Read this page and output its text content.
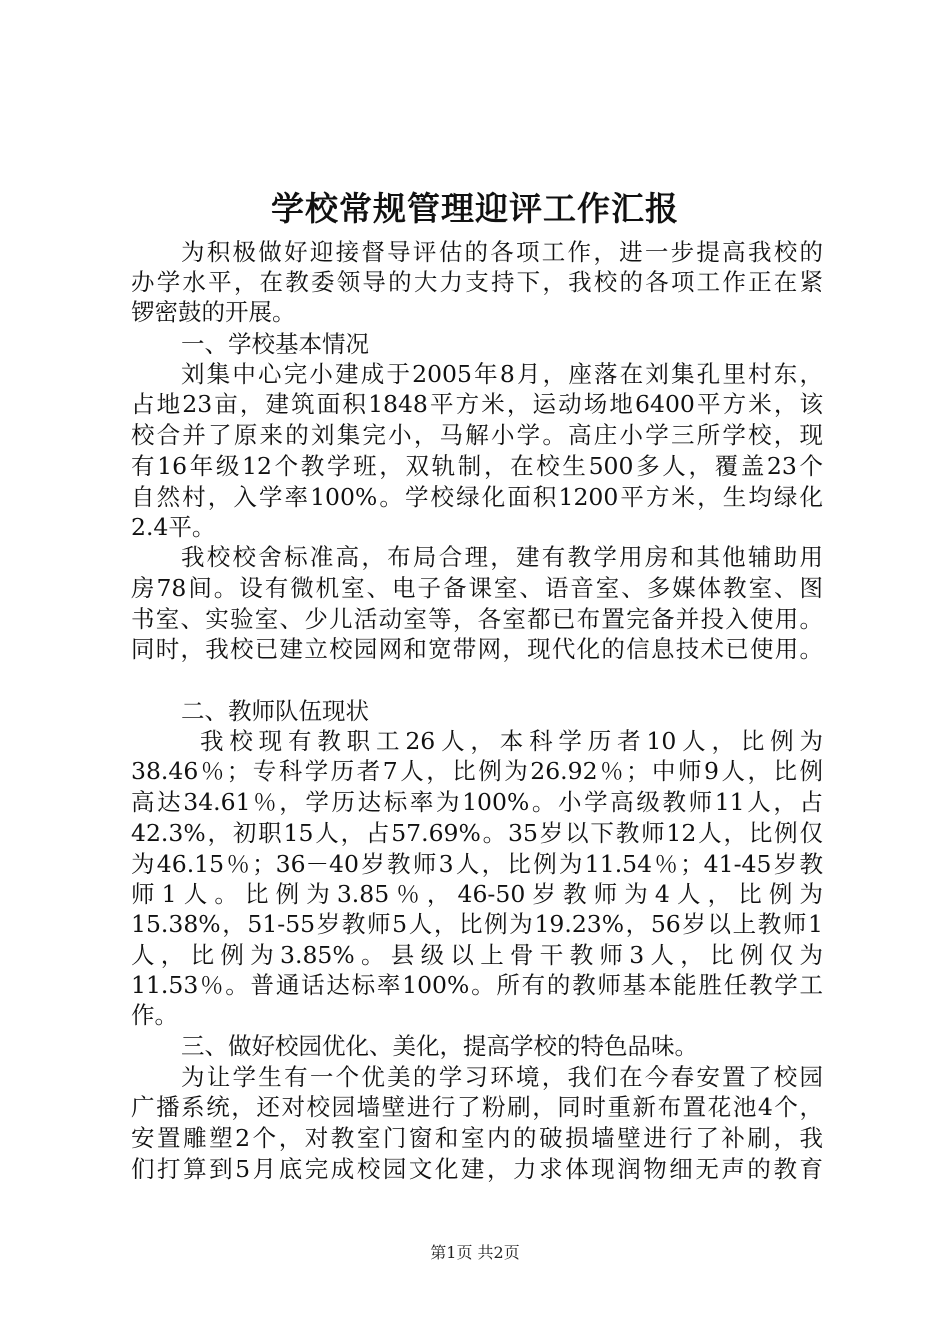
学校常规管理迎评工作汇报
为积极做好迎接督导评估的各项工作，进一步提高我校的
办学水平，在教委领导的大力支持下，我校的各项工作正在紧
锣密鼓的开展。
一、学校基本情况
刘集中心完小建成于2005年8月，座落在刘集孔里村东，
占地23亩，建筑面积1848平方米，运动场地6400平方米，该
校合并了原来的刘集完小，马解小学。高庄小学三所学校，现
有16年级12个教学班，双轨制，在校生500多人，覆盖23个
自然村，入学率100%。学校绿化面积1200平方米，生均绿化
2.4平。
我校校舍标准高，布局合理，建有教学用房和其他辅助用
房78间。设有微机室、电子备课室、语音室、多媒体教室、图
书室、实验室、少儿活动室等，各室都已布置完备并投入使用。
同时，我校已建立校园网和宽带网，现代化的信息技术已使用。
二、教师队伍现状
我校现有教职工26人，本科学历者10人，比例为
38.46％；专科学历者7人，比例为26.92％；中师9人，比例
高达34.61％，学历达标率为100%。小学高级教师11人，占
42.3%，初职15人，占57.69%。35岁以下教师12人，比例仅
为46.15％；36－40岁教师3人，比例为11.54％；41-45岁教
师1人。比例为3.85％，46-50岁教师为4人，比例为
15.38%，51-55岁教师5人，比例为19.23%，56岁以上教师1
人，比例为3.85%。县级以上骨干教师3人，比例仅为
11.53％。普通话达标率100%。所有的教师基本能胜任教学工
作。
三、做好校园优化、美化，提高学校的特色品味。
为让学生有一个优美的学习环境，我们在今春安置了校园
广播系统，还对校园墙壁进行了粉刷，同时重新布置花池4个，
安置雕塑2个，对教室门窗和室内的破损墙壁进行了补刷，我
们打算到5月底完成校园文化建，力求体现润物细无声的教育
第1页 共2页
